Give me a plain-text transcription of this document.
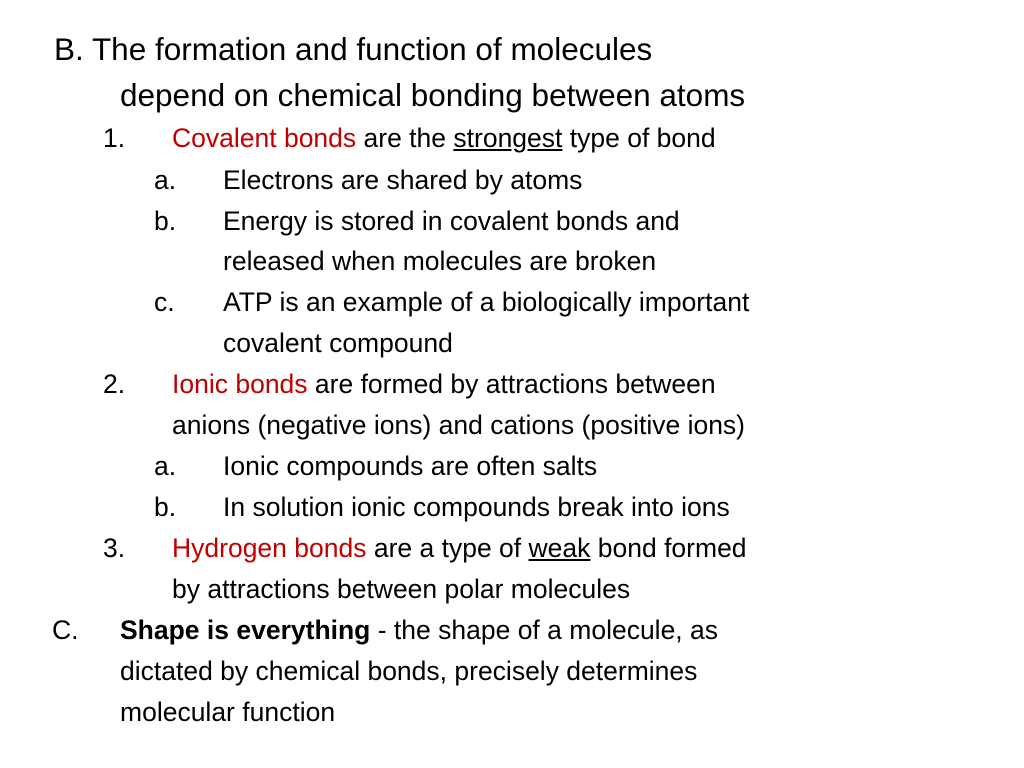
B. The formation and function of molecules
depend on chemical bonding between atoms
1. Covalent bonds are the strongest type of bond
a. Electrons are shared by atoms
b. Energy is stored in covalent bonds and
released when molecules are broken
c. ATP is an example of a biologically important
covalent compound
2. Ionic bonds are formed by attractions between
anions (negative ions) and cations (positive ions)
a. Ionic compounds are often salts
b. In solution ionic compounds break into ions
3. Hydrogen bonds are a type of weak bond formed
by attractions between polar molecules
C. Shape is everything - the shape of a molecule, as
dictated by chemical bonds, precisely determines
molecular function
